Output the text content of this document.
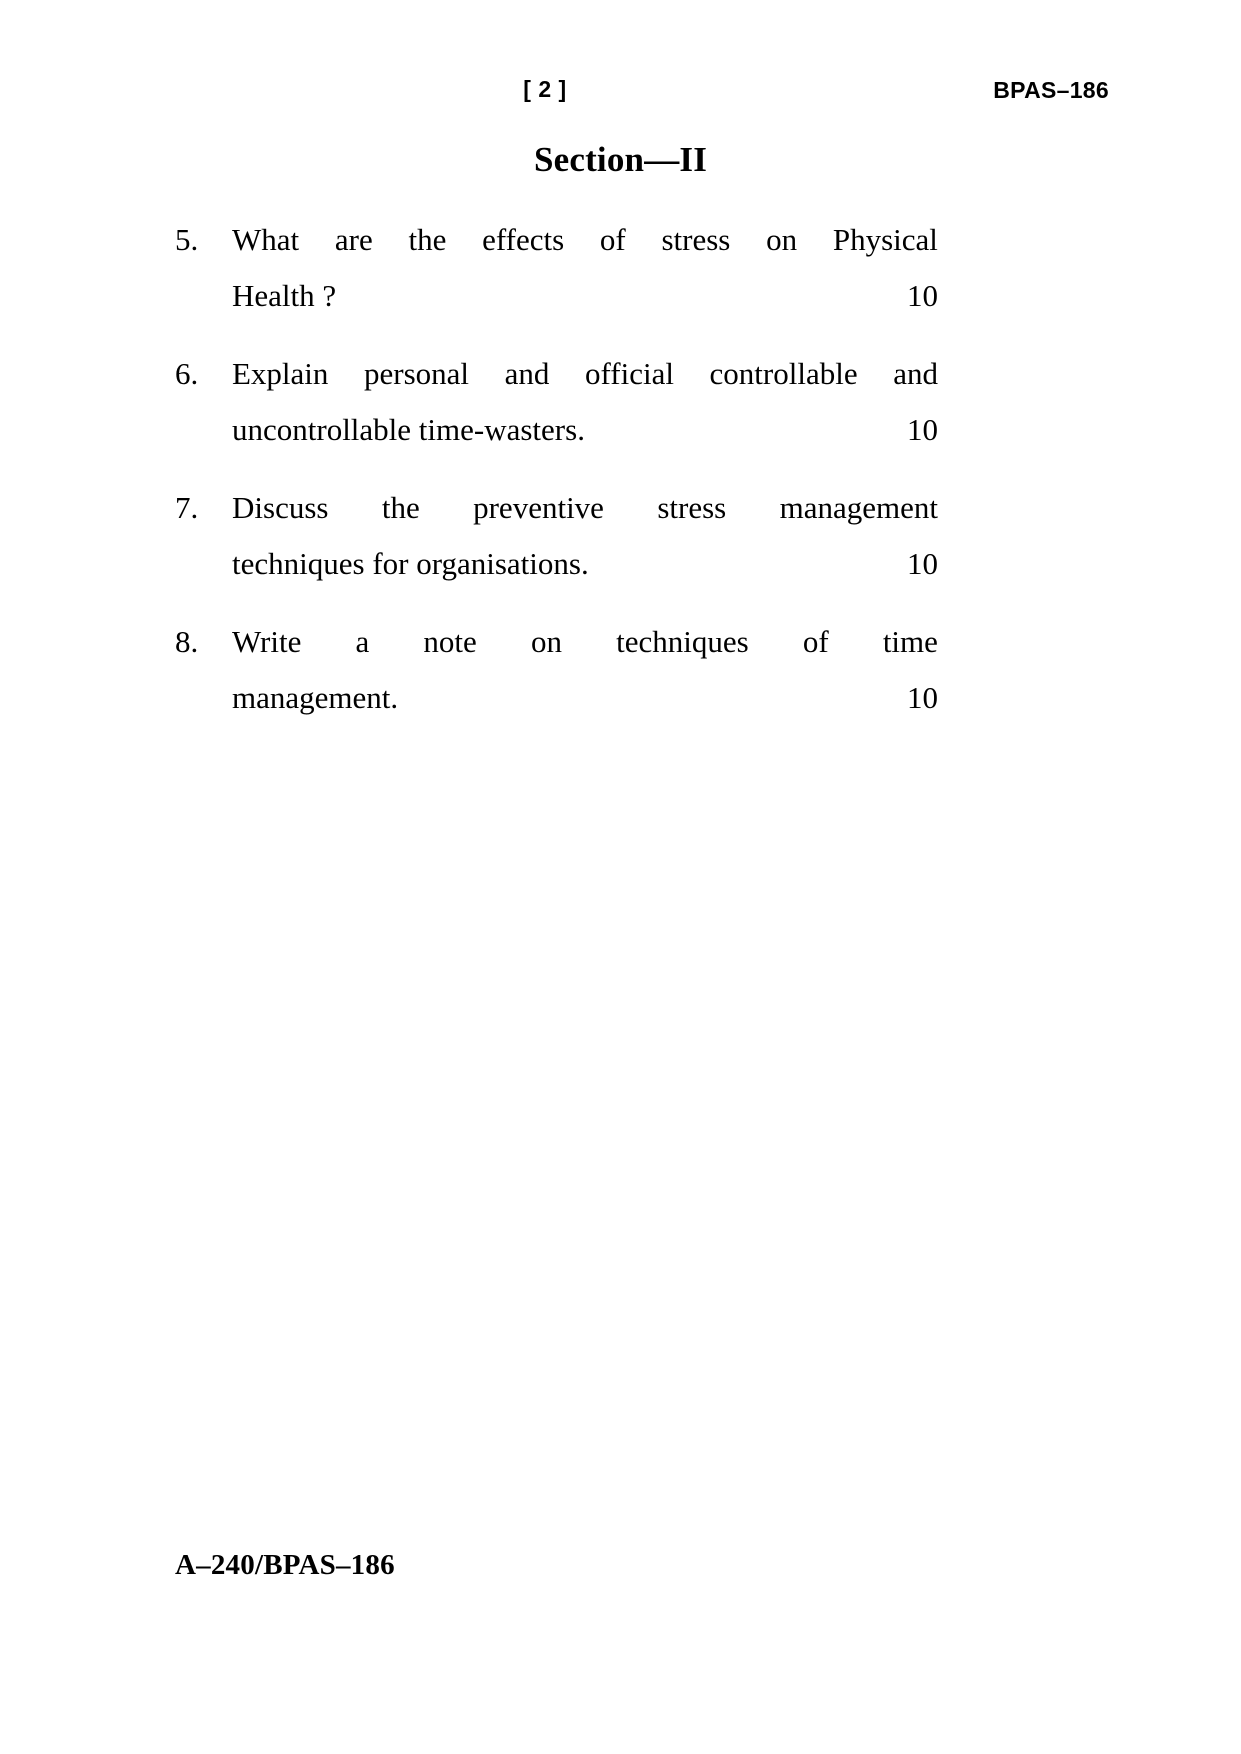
[ 2 ]	BPAS–186
Section—II
5.	What are the effects of stress on Physical
Health ?	10
6.	Explain personal and official controllable and
uncontrollable time-wasters.	10
7.	Discuss the preventive stress management
techniques for organisations.	10
8.	Write a note on techniques of time
management.	10
A–240/BPAS–186
